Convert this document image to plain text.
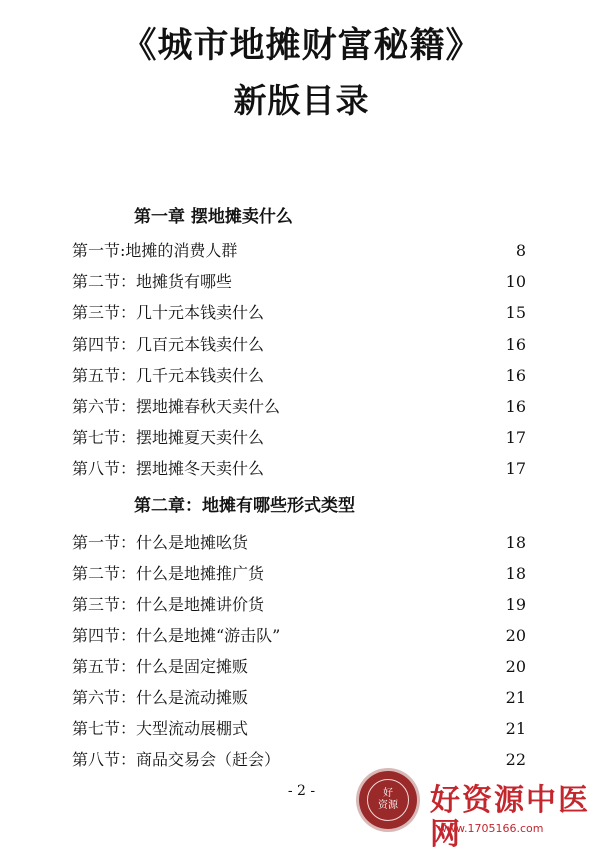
《城市地摊财富秘籍》
新版目录
第一章 摆地摊卖什么
第一节:地摊的消费人群	8
第二节：地摊货有哪些	10
第三节：几十元本钱卖什么	15
第四节：几百元本钱卖什么	16
第五节：几千元本钱卖什么	16
第六节：摆地摊春秋天卖什么	16
第七节：摆地摊夏天卖什么	17
第八节：摆地摊冬天卖什么	17
第二章：地摊有哪些形式类型
第一节：什么是地摊吆货	18
第二节：什么是地摊推广货	18
第三节：什么是地摊讲价货	19
第四节：什么是地摊“游击队”	20
第五节：什么是固定摊贩	20
第六节：什么是流动摊贩	21
第七节：大型流动展棚式	21
第八节：商品交易会（赶会）	22
- 2 -	好
资源 好资源中医网
www.1705166.com
